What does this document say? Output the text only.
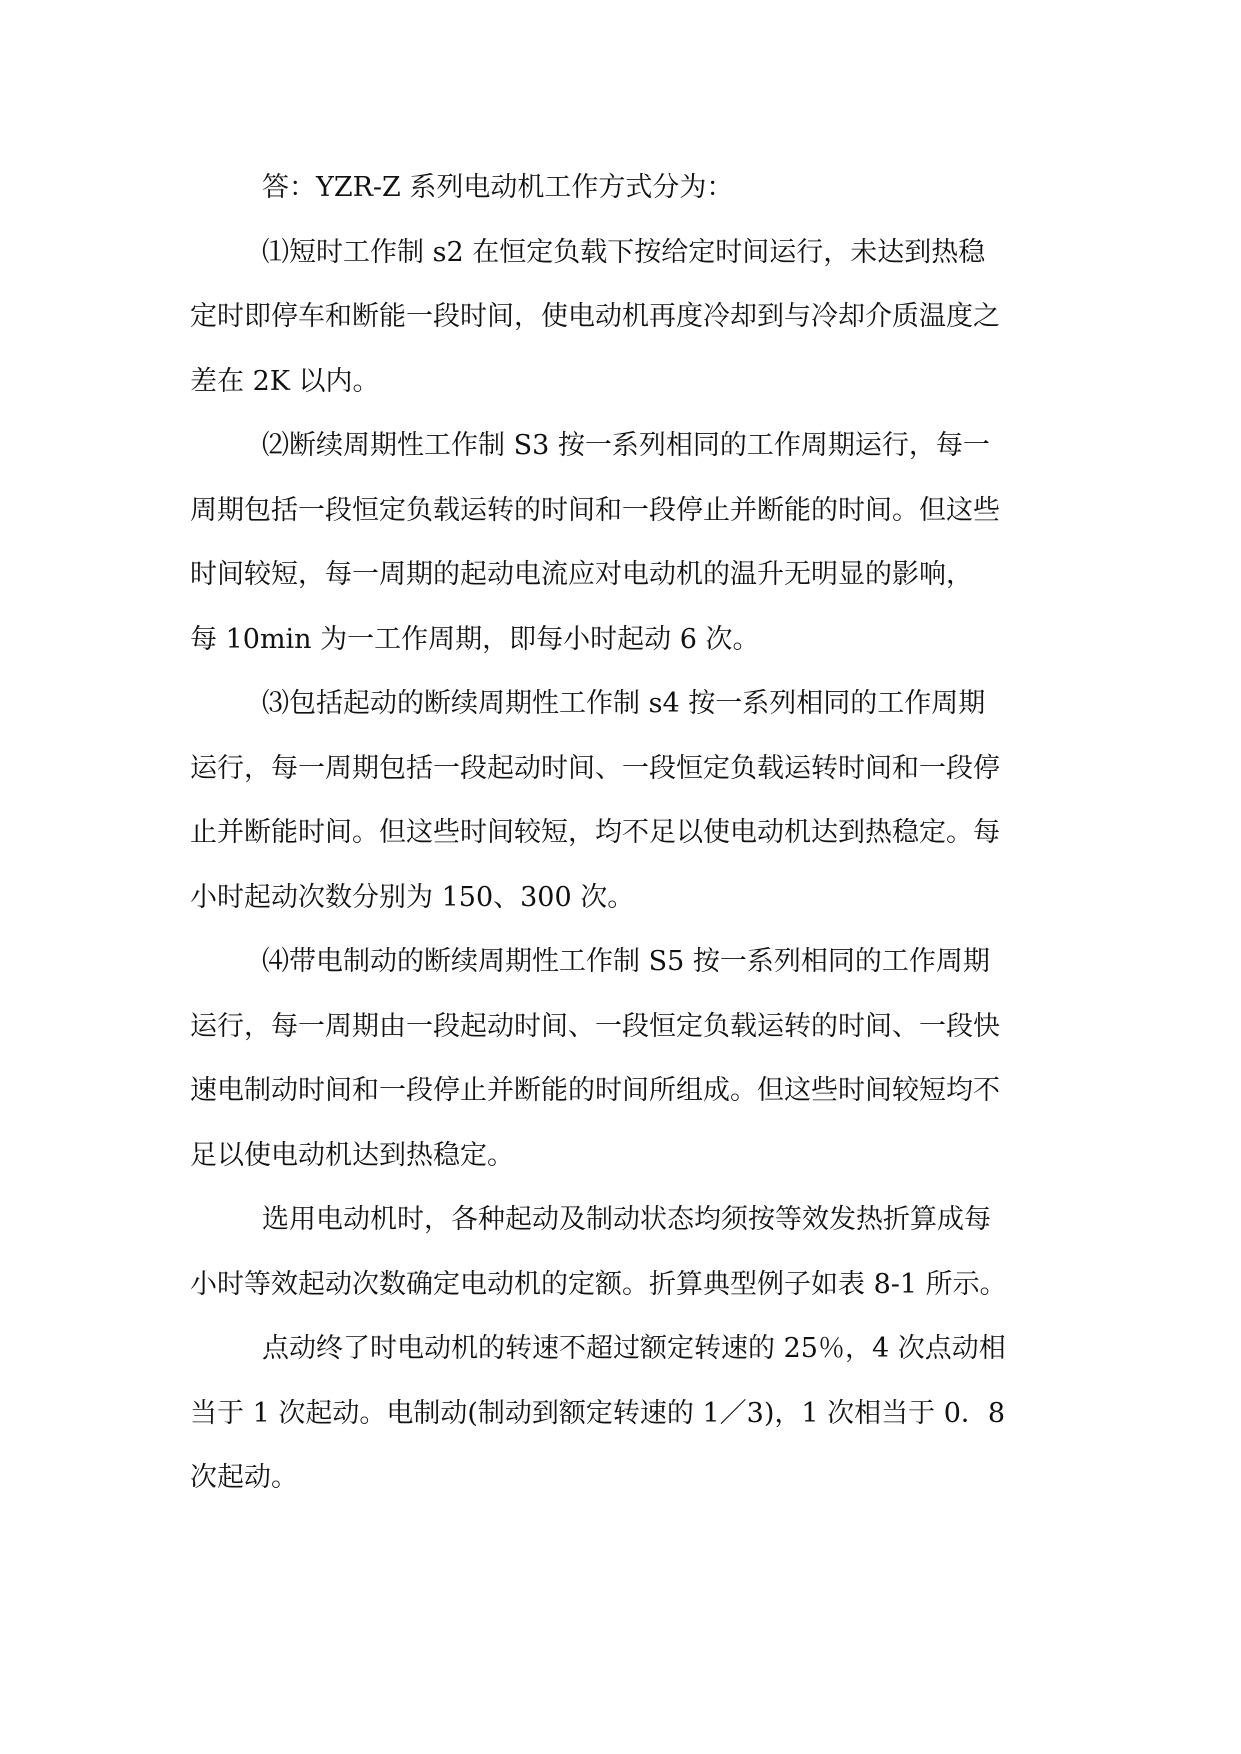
答：YZR-Z 系列电动机工作方式分为：
⑴短时工作制 s2 在恒定负载下按给定时间运行，未达到热稳
定时即停车和断能一段时间，使电动机再度冷却到与冷却介质温度之
差在 2K 以内。
⑵断续周期性工作制 S3 按一系列相同的工作周期运行，每一
周期包括一段恒定负载运转的时间和一段停止并断能的时间。但这些
时间较短，每一周期的起动电流应对电动机的温升无明显的影响，
每 10min 为一工作周期，即每小时起动 6 次。
⑶包括起动的断续周期性工作制 s4 按一系列相同的工作周期
运行，每一周期包括一段起动时间、一段恒定负载运转时间和一段停
止并断能时间。但这些时间较短，均不足以使电动机达到热稳定。每
小时起动次数分别为 150、300 次。
⑷带电制动的断续周期性工作制 S5 按一系列相同的工作周期
运行，每一周期由一段起动时间、一段恒定负载运转的时间、一段快
速电制动时间和一段停止并断能的时间所组成。但这些时间较短均不
足以使电动机达到热稳定。
选用电动机时，各种起动及制动状态均须按等效发热折算成每
小时等效起动次数确定电动机的定额。折算典型例子如表 8-1 所示。
点动终了时电动机的转速不超过额定转速的 25％，4 次点动相
当于 1 次起动。电制动(制动到额定转速的 1／3)，1 次相当于 0．8
次起动。
